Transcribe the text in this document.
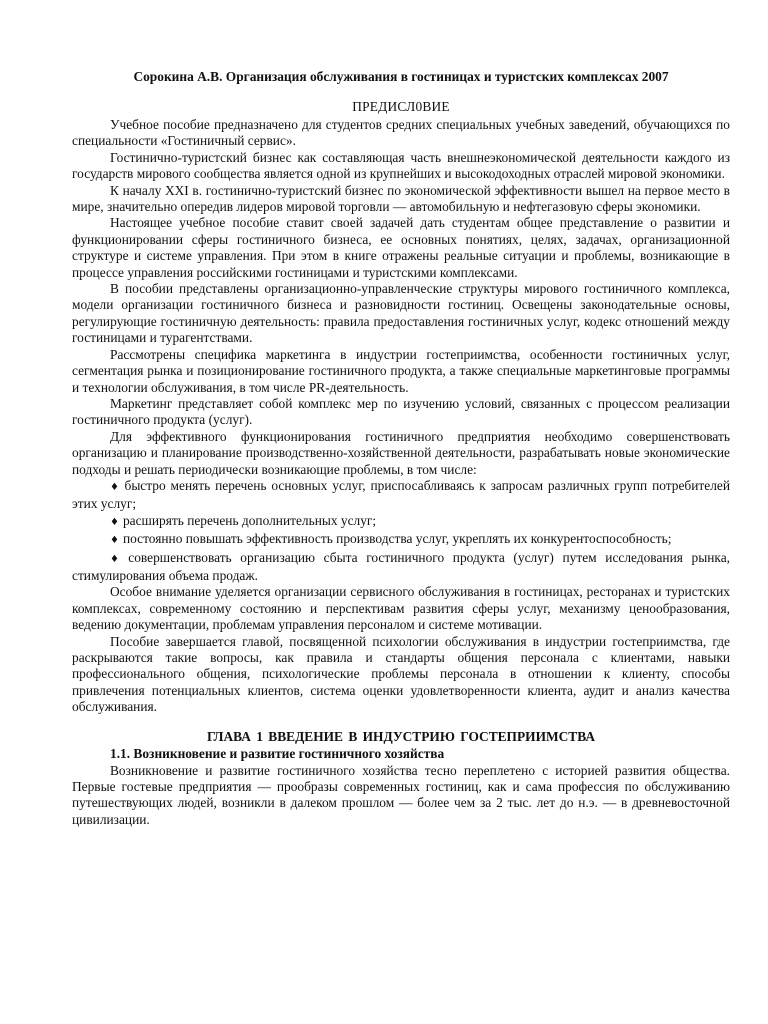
Сорокина А.В. Организация обслуживания в гостиницах и туристских комплексах 2007
ПРЕДИСЛ0ВИЕ

Учебное пособие предназначено для студентов средних специальных учебных заведений, обучающихся по специальности «Гостиничный сервис».

Гостинично-туристский бизнес как составляющая часть внешнеэкономической деятельности каждого из государств мирового сообщества является одной из крупнейших и высокодоходных отраслей мировой экономики.

К началу XXI в. гостинично-туристский бизнес по экономической эффективности вышел на первое место в мире, значительно опередив лидеров мировой торговли — автомобильную и нефтегазовую сферы экономики.

Настоящее учебное пособие ставит своей задачей дать студентам общее представление о развитии и функционировании сферы гостиничного бизнеса, ее основных понятиях, целях, задачах, организационной структуре и системе управления. При этом в книге отражены реальные ситуации и проблемы, возникающие в процессе управления российскими гостиницами и туристскими комплексами.

В пособии представлены организационно-управленческие структуры мирового гостиничного комплекса, модели организации гостиничного бизнеса и разновидности гостиниц. Освещены законодательные основы, регулирующие гостиничную деятельность: правила предоставления гостиничных услуг, кодекс отношений между гостиницами и турагентствами.

Рассмотрены специфика маркетинга в индустрии гостеприимства, особенности гостиничных услуг, сегментация рынка и позиционирование гостиничного продукта, а также специальные маркетинговые программы и технологии обслуживания, в том числе PR-деятельность.

Маркетинг представляет собой комплекс мер по изучению условий, связанных с процессом реализации гостиничного продукта (услуг).

Для эффективного функционирования гостиничного предприятия необходимо совершенствовать организацию и планирование производственно-хозяйственной деятельности, разрабатывать новые экономические подходы и решать периодически возникающие проблемы, в том числе:

♦ быстро менять перечень основных услуг, приспосабливаясь к запросам различных групп потребителей этих услуг;

♦ расширять перечень дополнительных услуг;

♦ постоянно повышать эффективность производства услуг, укреплять их конкурентоспособность;

♦ совершенствовать организацию сбыта гостиничного продукта (услуг) путем исследования рынка, стимулирования объема продаж.

Особое внимание уделяется организации сервисного обслуживания в гостиницах, ресторанах и туристских комплексах, современному состоянию и перспективам развития сферы услуг, механизму ценообразования, ведению документации, проблемам управления персоналом и системе мотивации.

Пособие завершается главой, посвященной психологии обслуживания в индустрии гостеприимства, где раскрываются такие вопросы, как правила и стандарты общения персонала с клиентами, навыки профессионального общения, психологические проблемы персонала в отношении к клиенту, способы привлечения потенциальных клиентов, система оценки удовлетворенности клиента, аудит и анализ качества обслуживания.

ГЛАВА 1 ВВЕДЕНИЕ В ИНДУСТРИЮ ГОСТЕПРИИМСТВА
1.1. Возникновение и развитие гостиничного хозяйства

Возникновение и развитие гостиничного хозяйства тесно переплетено с историей развития общества. Первые гостевые предприятия — прообразы современных гостиниц, как и сама профессия по обслуживанию путешествующих людей, возникли в далеком прошлом — более чем за 2 тыс. лет до н.э. — в древневосточной цивилизации.
